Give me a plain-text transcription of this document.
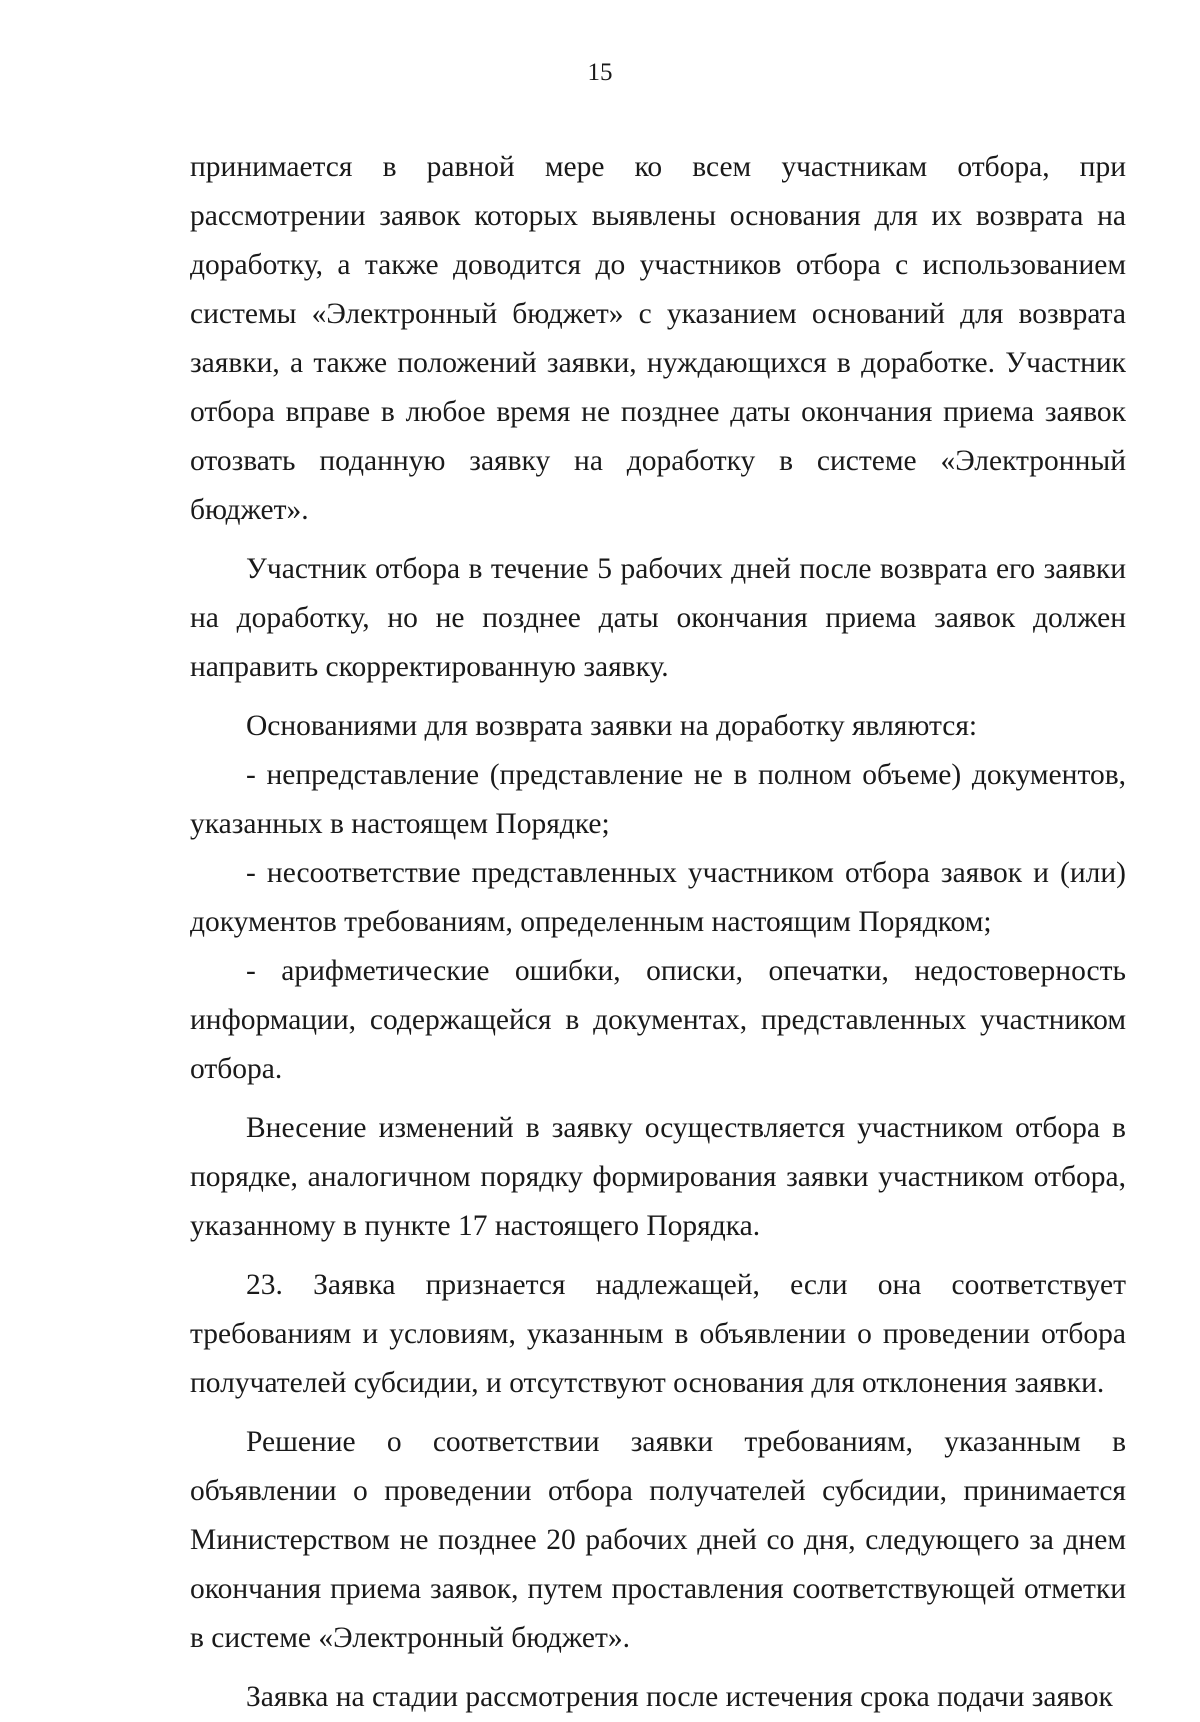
15

принимается в равной мере ко всем участникам отбора, при рассмотрении заявок которых выявлены основания для их возврата на доработку, а также доводится до участников отбора с использованием системы «Электронный бюджет» с указанием оснований для возврата заявки, а также положений заявки, нуждающихся в доработке. Участник отбора вправе в любое время не позднее даты окончания приема заявок отозвать поданную заявку на доработку в системе «Электронный бюджет».

Участник отбора в течение 5 рабочих дней после возврата его заявки на доработку, но не позднее даты окончания приема заявок должен направить скорректированную заявку.

Основаниями для возврата заявки на доработку являются:

- непредставление (представление не в полном объеме) документов, указанных в настоящем Порядке;

- несоответствие представленных участником отбора заявок и (или) документов требованиям, определенным настоящим Порядком;

- арифметические ошибки, описки, опечатки, недостоверность информации, содержащейся в документах, представленных участником отбора.

Внесение изменений в заявку осуществляется участником отбора в порядке, аналогичном порядку формирования заявки участником отбора, указанному в пункте 17 настоящего Порядка.

23. Заявка признается надлежащей, если она соответствует требованиям и условиям, указанным в объявлении о проведении отбора получателей субсидии, и отсутствуют основания для отклонения заявки.

Решение о соответствии заявки требованиям, указанным в объявлении о проведении отбора получателей субсидии, принимается Министерством не позднее 20 рабочих дней со дня, следующего за днем окончания приема заявок, путем проставления соответствующей отметки в системе «Электронный бюджет».

Заявка на стадии рассмотрения после истечения срока подачи заявок
